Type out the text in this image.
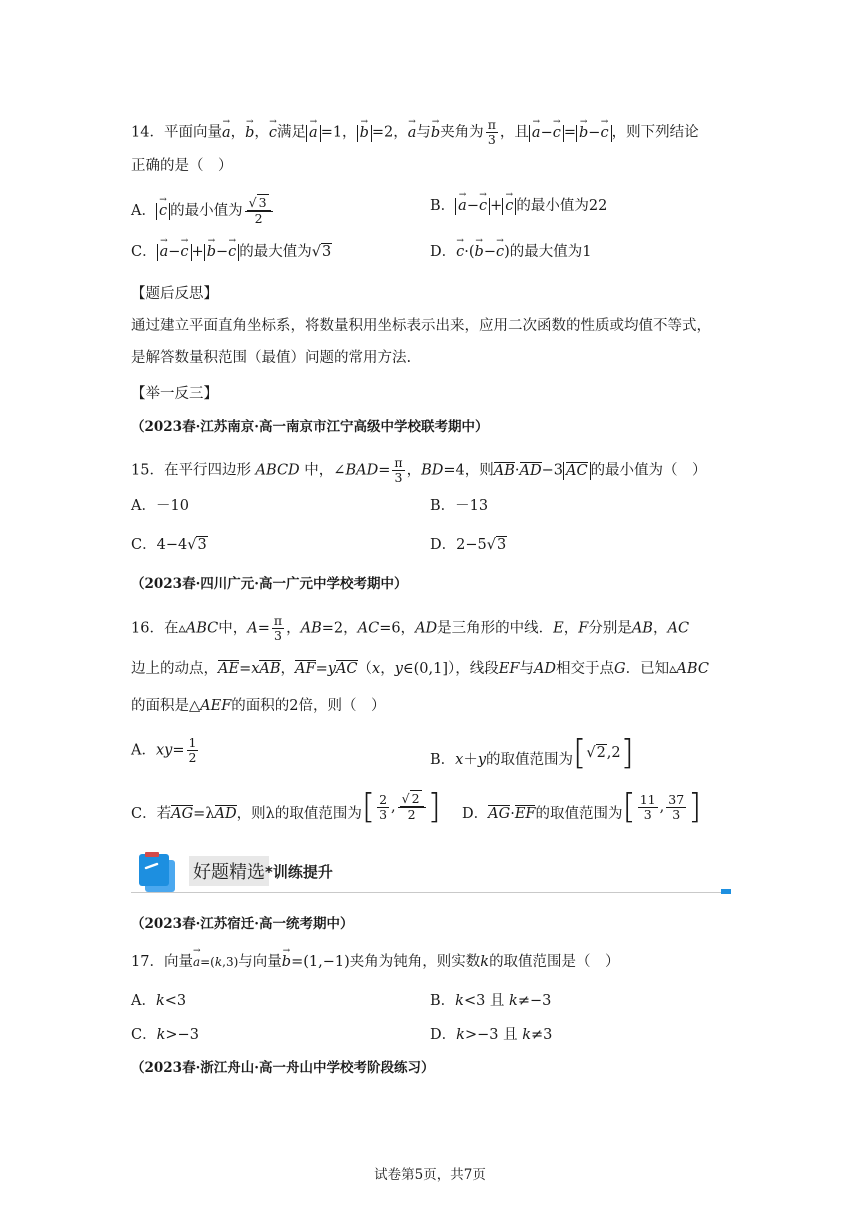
14．平面向量→ a，→ b，→ c满足 → a =1， → b =2，→ a与→ b夹角为 $\frac{\pi}{3}$ ，且 → a−→ c = → b−→ c ，则下列结论
正确的是（　）
A． → c 的最小值为 $\frac{√ 3}{2}$	B． → a−→ c + → c 的最小值为22
C． → a−→ c + → b−→ c 的最大值为√3	D．→ c·(→ b−→ c)的最大值为1
【题后反思】
通过建立平面直角坐标系，将数量积用坐标表示出来，应用二次函数的性质或均值不等式，
是解答数量积范围（最值）问题的常用方法.
【举一反三】
（2023春·江苏南京·高一南京市江宁高级中学校联考期中）
15．在平行四边形 ABCD 中，∠BAD= $\frac{\pi}{3}$ ，BD=4，则AB·AD−3 AC 的最小值为（　）
A．－10	B．－13
C．4−4√3	D．2−5√3
（2023春·四川广元·高一广元中学校考期中）
16．在▵ABC中，$A= \frac{\pi}{3}$ ，AB=2，AC=6，AD是三角形的中线．E，F分别是AB，AC
边上的动点，AE=xAB，AF=yAC（x，y∈(0,1]），线段EF与AD相交于点G．已知▵ABC
的面积是△AEF的面积的2倍，则（　）
A．$xy= \frac{1}{2}$	B．x＋y的取值范围为 [ √2 ,2 ]
C．若AG=λAD，则λ的取值范围为 [ $\frac{2}{3}$ , $\frac{√ 2}{2}$ ] D．AG·EF的取值范围为 [ $\frac{11}{3}$ , $\frac{37}{3}$ ]
好题精选 *训练提升
（2023春·江苏宿迁·高一统考期中）
17．向量→ a=(k,3)与向量→ b=(1,−1)夹角为钝角，则实数k的取值范围是（　）
A．k<3	B．k<3 且 k≠−3
C．k>−3	D．k>−3 且 k≠3
（2023春·浙江舟山·高一舟山中学校考阶段练习）
试卷第5页，共7页
